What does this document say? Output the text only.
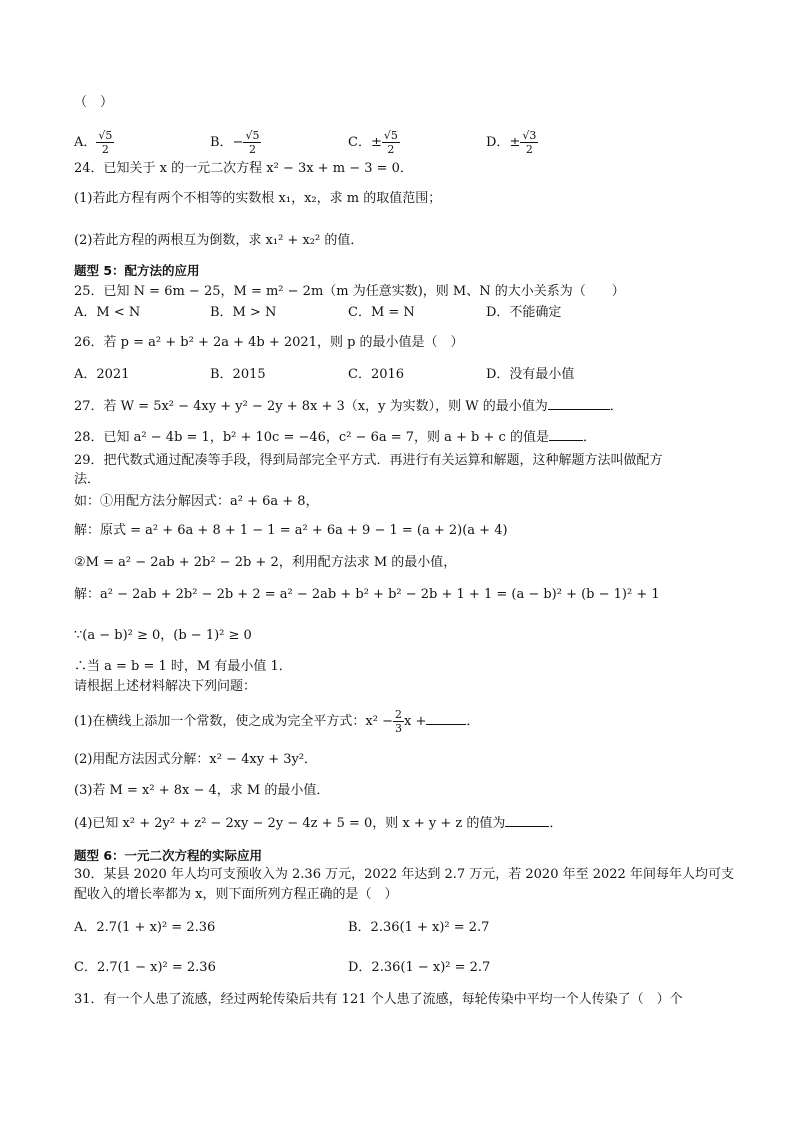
（　）
A． $\frac{√5}{2}$	B．− $\frac{√5}{2}$	C．± $\frac{√5}{2}$	D．± $\frac{√3}{2}$
24．已知关于 x 的一元二次方程 x² − 3x + m − 3 = 0．
(1)若此方程有两个不相等的实数根 x₁，x₂，求 m 的取值范围；
(2)若此方程的两根互为倒数，求 x₁² + x₂² 的值．
题型 5：配方法的应用
25．已知 N = 6m − 25，M = m² − 2m（m 为任意实数)，则 M、N 的大小关系为（　　）
A．M < N	B．M > N	C．M = N	D．不能确定
26．若 p = a² + b² + 2a + 4b + 2021，则 p 的最小值是（　）
A．2021	B．2015	C．2016	D．没有最小值
27．若 W = 5x² − 4xy + y² − 2y + 8x + 3（x，y 为实数），则 W 的最小值为	．
28．已知 a² − 4b = 1，b² + 10c = −46，c² − 6a = 7，则 a + b + c 的值是	．
29．把代数式通过配凑等手段，得到局部完全平方式．再进行有关运算和解题，这种解题方法叫做配方
法．
如：①用配方法分解因式：a² + 6a + 8，
解：原式 = a² + 6a + 8 + 1 − 1 = a² + 6a + 9 − 1 = (a + 2)(a + 4)
②M = a² − 2ab + 2b² − 2b + 2，利用配方法求 M 的最小值，
解：a² − 2ab + 2b² − 2b + 2 = a² − 2ab + b² + b² − 2b + 1 + 1 = (a − b)² + (b − 1)² + 1
∵(a − b)² ≥ 0，(b − 1)² ≥ 0
∴当 a = b = 1 时，M 有最小值 1．
请根据上述材料解决下列问题：
(1)在横线上添加一个常数，使之成为完全平方式：$x^2 - \frac{2}{3}$ x +	．
(2)用配方法因式分解：x² − 4xy + 3y²．
(3)若 M = x² + 8x − 4，求 M 的最小值．
(4)已知 x² + 2y² + z² − 2xy − 2y − 4z + 5 = 0，则 x + y + z 的值为	．
题型 6：一元二次方程的实际应用
30．某县 2020 年人均可支预收入为 2.36 万元，2022 年达到 2.7 万元，若 2020 年至 2022 年间每年人均可支
配收入的增长率都为 x，则下面所列方程正确的是（　）
A．2.7(1 + x)² = 2.36	B．2.36(1 + x)² = 2.7
C．2.7(1 − x)² = 2.36	D．2.36(1 − x)² = 2.7
31．有一个人患了流感，经过两轮传染后共有 121 个人患了流感，每轮传染中平均一个人传染了（　）个
